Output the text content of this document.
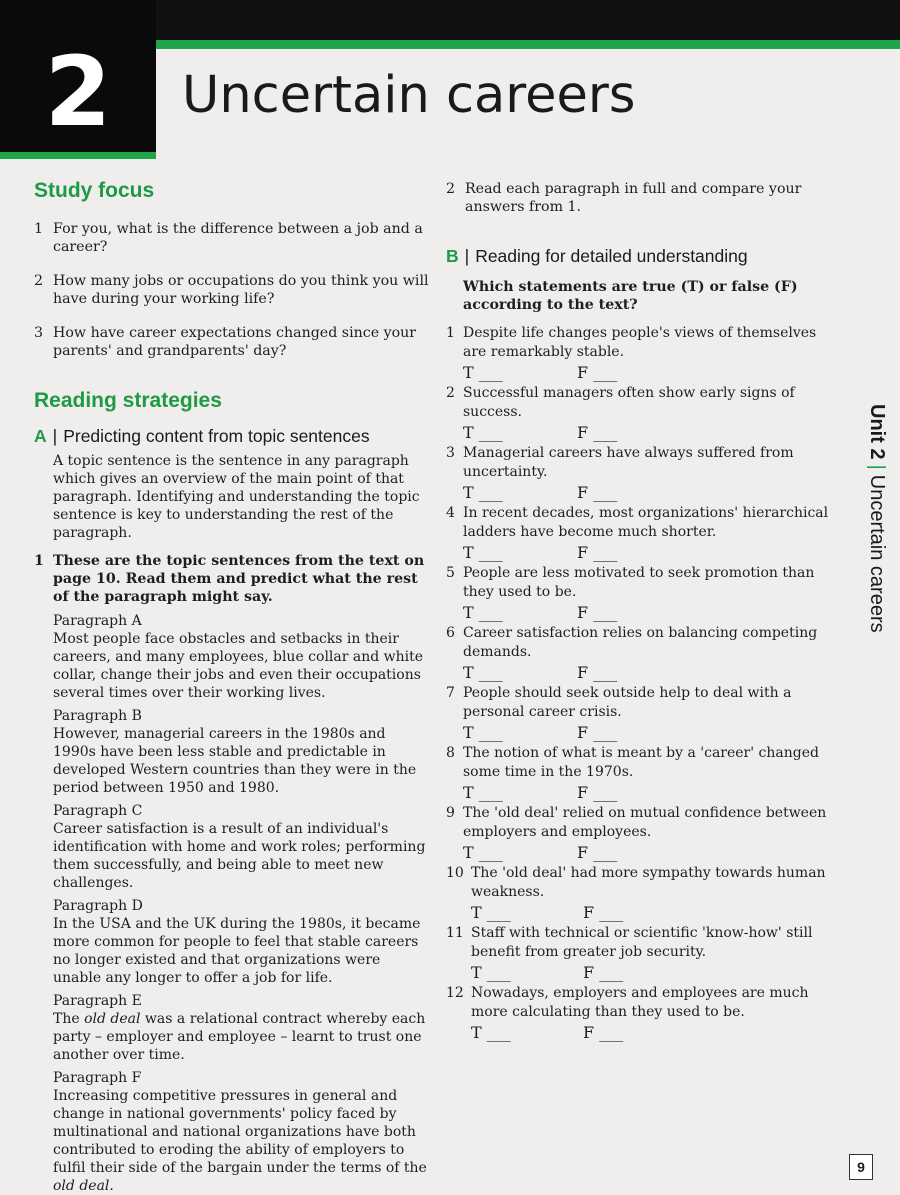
2	Uncertain careers
Study focus
1 For you, what is the difference between a job and a career?
2 How many jobs or occupations do you think you will have during your working life?
3 How have career expectations changed since your parents' and grandparents' day?
Reading strategies
A | Predicting content from topic sentences

A topic sentence is the sentence in any paragraph which gives an overview of the main point of that paragraph. Identifying and understanding the topic sentence is key to understanding the rest of the paragraph.

1 These are the topic sentences from the text on page 10. Read them and predict what the rest of the paragraph might say.

Paragraph A

Most people face obstacles and setbacks in their careers, and many employees, blue collar and white collar, change their jobs and even their occupations several times over their working lives.

Paragraph B

However, managerial careers in the 1980s and 1990s have been less stable and predictable in developed Western countries than they were in the period between 1950 and 1980.

Paragraph C

Career satisfaction is a result of an individual's identification with home and work roles; performing them successfully, and being able to meet new challenges.

Paragraph D

In the USA and the UK during the 1980s, it became more common for people to feel that stable careers no longer existed and that organizations were unable any longer to offer a job for life.

Paragraph E

The old deal was a relational contract whereby each party – employer and employee – learnt to trust one another over time.

Paragraph F

Increasing competitive pressures in general and change in national governments' policy faced by multinational and national organizations have both contributed to eroding the ability of employers to fulfil their side of the bargain under the terms of the old deal.

2 Read each paragraph in full and compare your answers from 1.
B | Reading for detailed understanding
Which statements are true (T) or false (F) according to the text?
1 Despite life changes people's views of themselves are remarkably stable.
T ___	F ___
2 Successful managers often show early signs of success.
T ___	F ___
3 Managerial careers have always suffered from uncertainty.
T ___	F ___
4 In recent decades, most organizations' hierarchical ladders have become much shorter.
T ___	F ___
5 People are less motivated to seek promotion than they used to be.
T ___	F ___
6 Career satisfaction relies on balancing competing demands.
T ___	F ___
7 People should seek outside help to deal with a personal career crisis.
T ___	F ___
8 The notion of what is meant by a 'career' changed some time in the 1970s.
T ___	F ___
9 The 'old deal' relied on mutual confidence between employers and employees.
T ___	F ___
10 The 'old deal' had more sympathy towards human weakness.
T ___	F ___
11 Staff with technical or scientific 'know-how' still benefit from greater job security.
T ___	F ___
12 Nowadays, employers and employees are much more calculating than they used to be.
T ___	F ___
Unit 2|Uncertain careers
9
